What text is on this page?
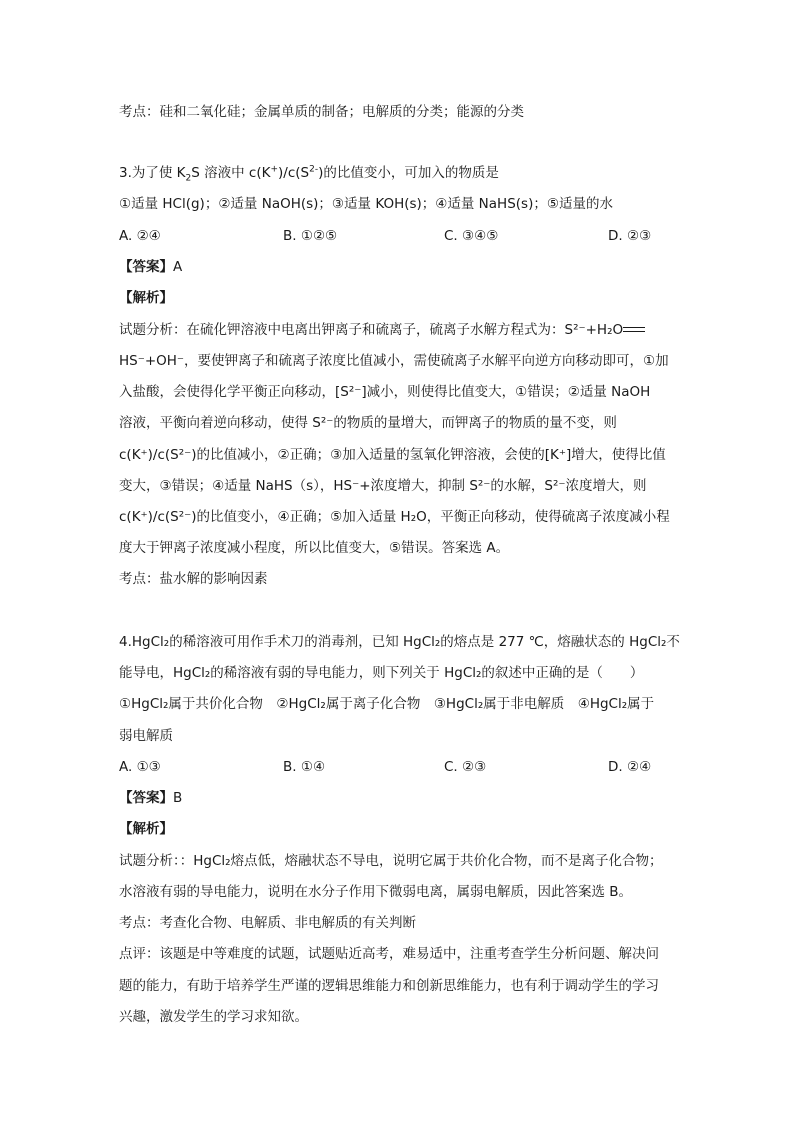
考点：硅和二氧化硅；金属单质的制备；电解质的分类；能源的分类
3.为了使 $K_2S$ 溶液中 $c(K^+)/c(S^{2-})$的比值变小，可加入的物质是
①适量 HCl(g)；②适量 NaOH(s)；③适量 KOH(s)；④适量 NaHS(s)；⑤适量的水
A. ②④	B. ①②⑤	C. ③④⑤	D. ②③
【答案】A
【解析】
试题分析：在硫化钾溶液中电离出钾离子和硫离子，硫离子水解方程式为：S²⁻+H₂O
HS⁻+OH⁻，要使钾离子和硫离子浓度比值减小，需使硫离子水解平向逆方向移动即可，①加
入盐酸，会使得化学平衡正向移动，[S²⁻]减小，则使得比值变大，①错误；②适量 NaOH
溶液，平衡向着逆向移动，使得 S²⁻的物质的量增大，而钾离子的物质的量不变，则
c(K⁺)/c(S²⁻)的比值减小，②正确；③加入适量的氢氧化钾溶液，会使的[K⁺]增大，使得比值
变大，③错误；④适量 NaHS（s），HS⁻+浓度增大，抑制 S²⁻的水解，S²⁻浓度增大，则
c(K⁺)/c(S²⁻)的比值变小，④正确；⑤加入适量 H₂O，平衡正向移动，使得硫离子浓度减小程
度大于钾离子浓度减小程度，所以比值变大，⑤错误。答案选 A。
考点：盐水解的影响因素
4.HgCl₂的稀溶液可用作手术刀的消毒剂，已知 HgCl₂的熔点是 277 ℃，熔融状态的 HgCl₂不
能导电，HgCl₂的稀溶液有弱的导电能力，则下列关于 HgCl₂的叙述中正确的是（　　）
①HgCl₂属于共价化合物　②HgCl₂属于离子化合物　③HgCl₂属于非电解质　④HgCl₂属于
弱电解质
A. ①③	B. ①④	C. ②③	D. ②④
【答案】B
【解析】
试题分析：：HgCl₂熔点低，熔融状态不导电，说明它属于共价化合物，而不是离子化合物；
水溶液有弱的导电能力，说明在水分子作用下微弱电离，属弱电解质，因此答案选 B。
考点：考查化合物、电解质、非电解质的有关判断
点评：该题是中等难度的试题，试题贴近高考，难易适中，注重考查学生分析问题、解决问
题的能力，有助于培养学生严谨的逻辑思维能力和创新思维能力，也有利于调动学生的学习
兴趣，激发学生的学习求知欲。
